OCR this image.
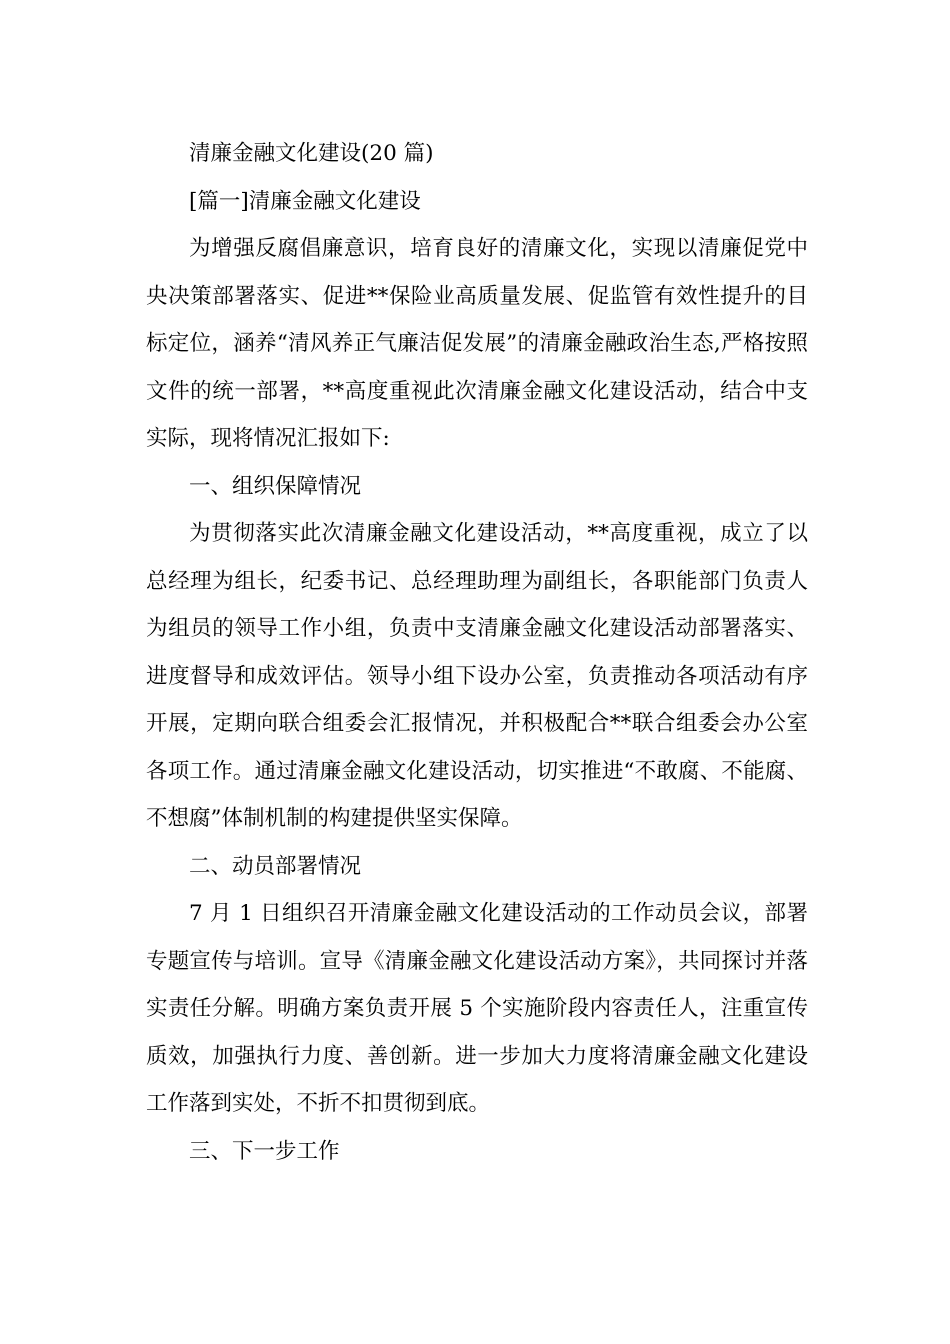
清廉金融文化建设(20 篇)

[篇一]清廉金融文化建设

为增强反腐倡廉意识，培育良好的清廉文化，实现以清廉促党中央决策部署落实、促进**保险业高质量发展、促监管有效性提升的目标定位，涵养“清风养正气廉洁促发展”的清廉金融政治生态,严格按照文件的统一部署，**高度重视此次清廉金融文化建设活动，结合中支实际，现将情况汇报如下:

一、组织保障情况

为贯彻落实此次清廉金融文化建设活动，**高度重视，成立了以总经理为组长，纪委书记、总经理助理为副组长，各职能部门负责人为组员的领导工作小组，负责中支清廉金融文化建设活动部署落实、进度督导和成效评估。领导小组下设办公室，负责推动各项活动有序开展，定期向联合组委会汇报情况，并积极配合**联合组委会办公室各项工作。通过清廉金融文化建设活动，切实推进“不敢腐、不能腐、不想腐”体制机制的构建提供坚实保障。

二、动员部署情况

7 月 1 日组织召开清廉金融文化建设活动的工作动员会议，部署专题宣传与培训。宣导《清廉金融文化建设活动方案》，共同探讨并落实责任分解。明确方案负责开展 5 个实施阶段内容责任人，注重宣传质效，加强执行力度、善创新。进一步加大力度将清廉金融文化建设工作落到实处，不折不扣贯彻到底。

三、下一步工作
